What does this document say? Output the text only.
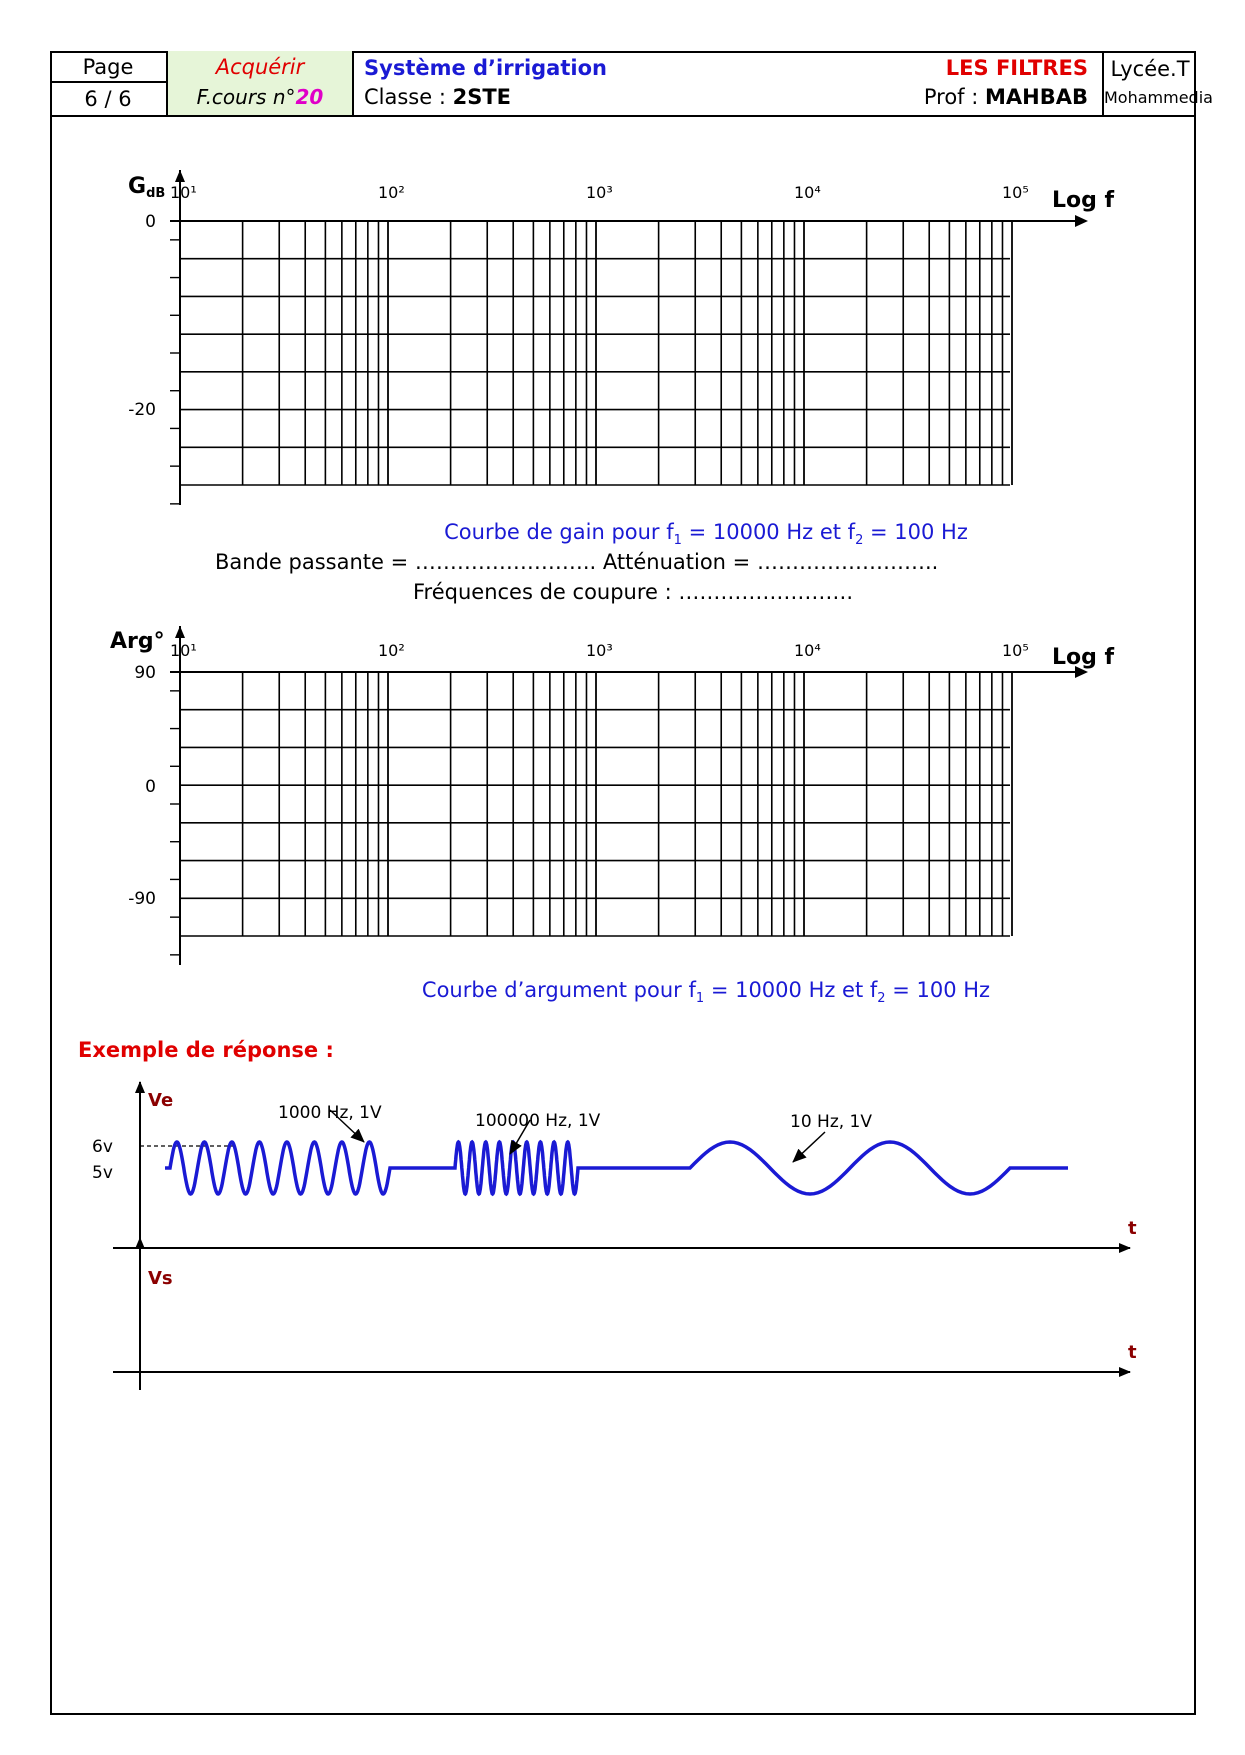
Page
6 / 6
Acquérir
F.cours n°20
Système d’irrigation
Classe : 2STE
LES FILTRES
Prof : MAHBAB
Lycée.T
Mohammedia
10¹	10²	10³	10⁴	10⁵
0
-20
GdB	Log f
Courbe de gain pour $f_1 = 10000$ Hz et $f_2 = 100$ Hz
Bande passante = …………………….. Atténuation = ……………………..
Fréquences de coupure : …………………….
10¹	10²	10³	10⁴	10⁵
90
0
-90
Arg°
Log f
Courbe d’argument pour $f_1 = 10000$ Hz et $f_2 = 100$ Hz
Exemple de réponse :
Ve
Vs
t
t
6v
5v
1000 Hz, 1V	100000 Hz, 1V	10 Hz, 1V
